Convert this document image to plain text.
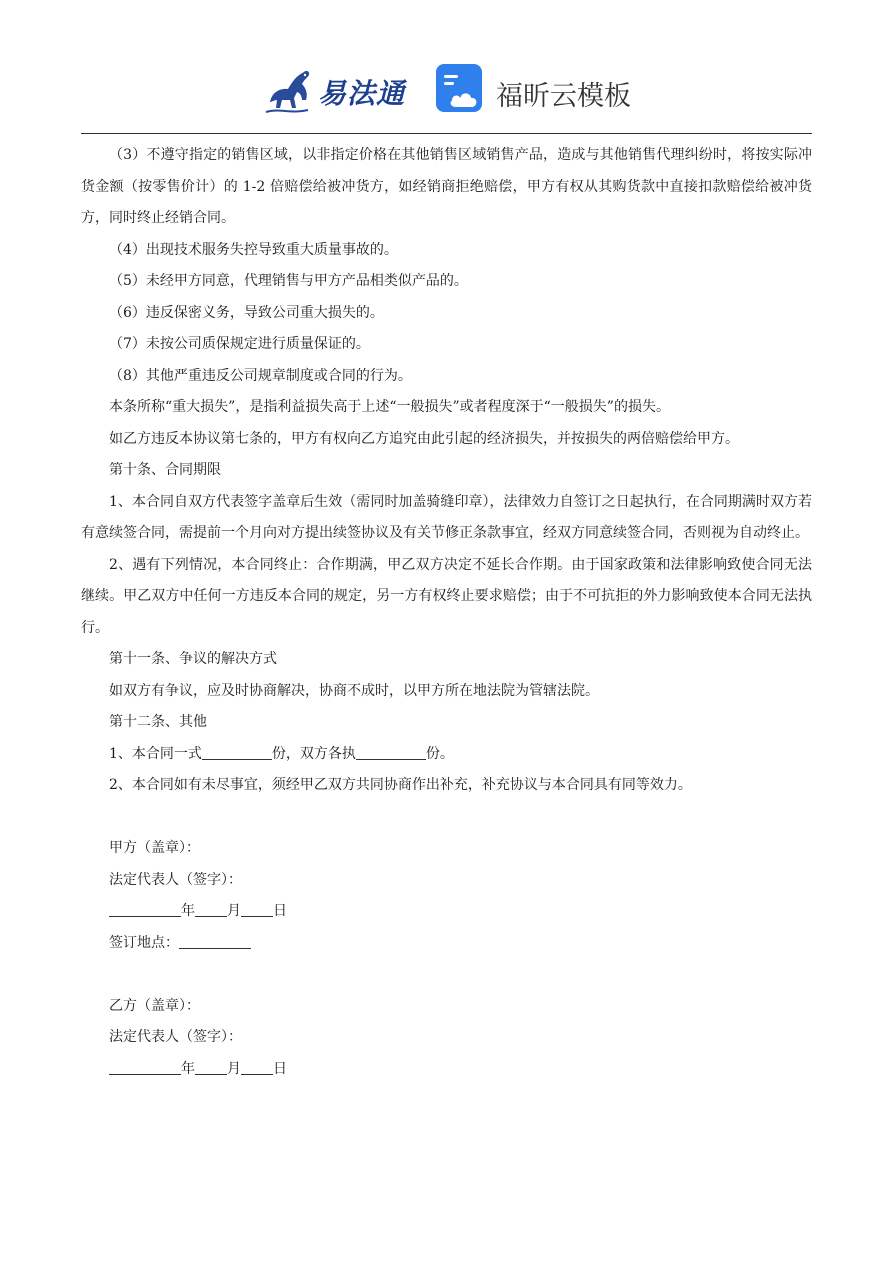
易法通	福昕云模板

（3）不遵守指定的销售区域，以非指定价格在其他销售区域销售产品，造成与其他销售代理纠纷时，将按实际冲货金额（按零售价计）的 1-2 倍赔偿给被冲货方，如经销商拒绝赔偿，甲方有权从其购货款中直接扣款赔偿给被冲货方，同时终止经销合同。

（4）出现技术服务失控导致重大质量事故的。

（5）未经甲方同意，代理销售与甲方产品相类似产品的。

（6）违反保密义务，导致公司重大损失的。

（7）未按公司质保规定进行质量保证的。

（8）其他严重违反公司规章制度或合同的行为。

本条所称“重大损失”，是指利益损失高于上述“一般损失”或者程度深于“一般损失”的损失。

如乙方违反本协议第七条的，甲方有权向乙方追究由此引起的经济损失，并按损失的两倍赔偿给甲方。

第十条、合同期限

1、本合同自双方代表签字盖章后生效（需同时加盖骑缝印章），法律效力自签订之日起执行，在合同期满时双方若有意续签合同，需提前一个月向对方提出续签协议及有关节修正条款事宜，经双方同意续签合同，否则视为自动终止。

2、遇有下列情况，本合同终止：合作期满，甲乙双方决定不延长合作期。由于国家政策和法律影响致使合同无法继续。甲乙双方中任何一方违反本合同的规定，另一方有权终止要求赔偿；由于不可抗拒的外力影响致使本合同无法执行。

第十一条、争议的解决方式

如双方有争议，应及时协商解决，协商不成时，以甲方所在地法院为管辖法院。

第十二条、其他

1、本合同一式	份，双方各执	份。

2、本合同如有未尽事宜，须经甲乙双方共同协商作出补充，补充协议与本合同具有同等效力。

甲方（盖章）：

法定代表人（签字）：

年 月 日

签订地点：

乙方（盖章）：

法定代表人（签字）：

年 月 日
